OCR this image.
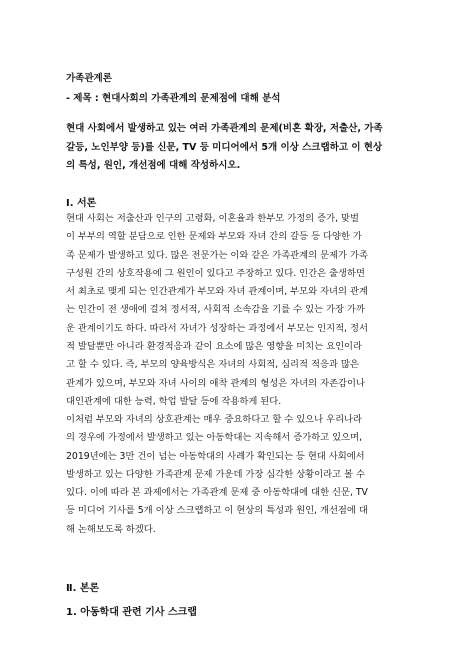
가족관계론
- 제목 : 현대사회의 가족관계의 문제점에 대해 분석
현대 사회에서 발생하고 있는 여러 가족관계의 문제(비혼 확장, 저출산, 가족
갈등, 노인부양 등)를 신문, TV 등 미디어에서 5개 이상 스크랩하고 이 현상
의 특성, 원인, 개선점에 대해 작성하시오.
Ⅰ. 서론
현대 사회는 저출산과 인구의 고령화, 이혼율과 한부모 가정의 증가, 맞벌
이 부부의 역할 분담으로 인한 문제와 부모와 자녀 간의 갈등 등 다양한 가
족 문제가 발생하고 있다. 많은 전문가는 이와 같은 가족관계의 문제가 가족
구성원 간의 상호작용에 그 원인이 있다고 주장하고 있다. 인간은 출생하면
서 최초로 맺게 되는 인간관계가 부모와 자녀 관계이며, 부모와 자녀의 관계
는 인간이 전 생애에 걸쳐 정서적, 사회적 소속감을 기를 수 있는 가장 가까
운 관계이기도 하다. 따라서 자녀가 성장하는 과정에서 부모는 인지적, 정서
적 발달뿐만 아니라 환경적응과 같이 요소에 많은 영향을 미치는 요인이라
고 할 수 있다. 즉, 부모의 양육방식은 자녀의 사회적, 심리적 적응과 많은
관계가 있으며, 부모와 자녀 사이의 애착 관계의 형성은 자녀의 자존감이나
대인관계에 대한 능력, 학업 발달 등에 작용하게 된다.
이처럼 부모와 자녀의 상호관계는 매우 중요하다고 할 수 있으나 우리나라
의 경우에 가정에서 발생하고 있는 아동학대는 지속해서 증가하고 있으며,
2019년에는 3만 건이 넘는 아동학대의 사례가 확인되는 등 현대 사회에서
발생하고 있는 다양한 가족관계 문제 가운데 가장 심각한 상황이라고 볼 수
있다. 이에 따라 본 과제에서는 가족관계 문제 중 아동학대에 대한 신문, TV
등 미디어 기사를 5개 이상 스크랩하고 이 현상의 특성과 원인, 개선점에 대
해 논해보도록 하겠다.
Ⅱ. 본론
1. 아동학대 관련 기사 스크랩
